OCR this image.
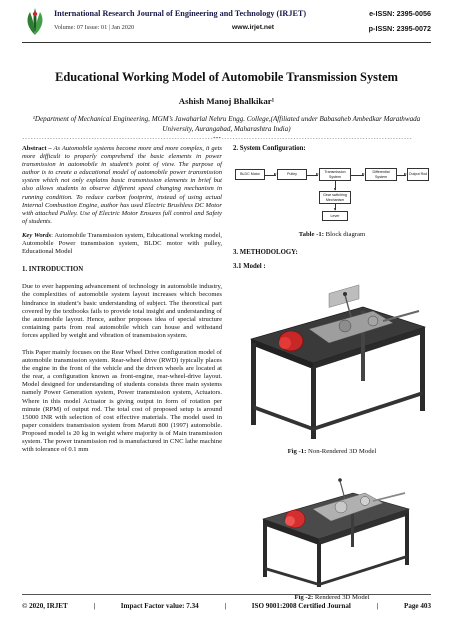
International Research Journal of Engineering and Technology (IRJET)	e-ISSN: 2395-0056
Volume: 07 Issue: 01 | Jan 2020	www.irjet.net	p-ISSN: 2395-0072
Educational Working Model of Automobile Transmission System
Ashish Manoj Bhalkikar¹
¹Department of Mechanical Engineering, MGM’s Jawaharlal Nehru Engg. College,(Affiliated under Babasaheb Ambedkar Marathwada University, Aurangabad, Maharashtra India)
---------------------------------------------------------------------***---------------------------------------------------------------------

Abstract – As Automobile systems become more and more complex, it gets more difficult to properly comprehend the basic elements in power transmission in automobile in student’s point of view. The purpose of author is to create a educational model of automobile power transmission system which not only explains basic transmission elements in brief but also allows students to observe different speed changing mechanism in running condition. To reduce carbon footprint, instead of using actual Internal Combustion Engine, author has used Electric Brushless DC Motor with attached Pulley. Use of Electric Motor Ensures full control and Safety of students.

Key Words: Automobile Transmission system, Educational working model, Automobile Power transmission system, BLDC motor with pulley, Educational Model

1. INTRODUCTION

Due to ever happening advancement of technology in automobile industry, the complexities of automobile system layout increases which becomes hindrance in student’s basic understanding of subject. The theoretical part covered by the textbooks fails to provide total insight and understanding of the automobile layout. Hence, author proposes idea of special structure containing parts from real automobile which can house and withstand forces applied by weight and vibration of transmission system.

This Paper mainly focuses on the Rear Wheel Drive configuration model of automobile transmission system. Rear-wheel drive (RWD) typically places the engine in the front of the vehicle and the driven wheels are located at the rear, a configuration known as front-engine, rear-wheel-drive layout. Model designed for understanding of students consists three main systems namely Power Generation system, Power transmission system, Actuators. Where in this model Actuator is giving output in form of rotation per minute (RPM) of output rod. The total cost of proposed setup is around 15000 INR with selection of cost effective materials. The model used in paper considers transmission system from Maruti 800 (1997) automobile. Proposed model is 20 kg in weight where majority is of Main transmission system. The power transmission rod is manufactured in CNC lathe machine with tolerance of 0.1 mm

2. System Configuration:

BLDC Motor	Pulley
Transmission System
Differential System
Output Rod
Gear switching Mechanism
Lever

Table -1: Block diagram

3. METHODOLOGY:

3.1 Model :

Fig -1: Non-Rendered 3D Model

Fig -2: Rendered 3D Model

© 2020, IRJET	|	Impact Factor value: 7.34	|	ISO 9001:2008 Certified Journal	|	Page 403
